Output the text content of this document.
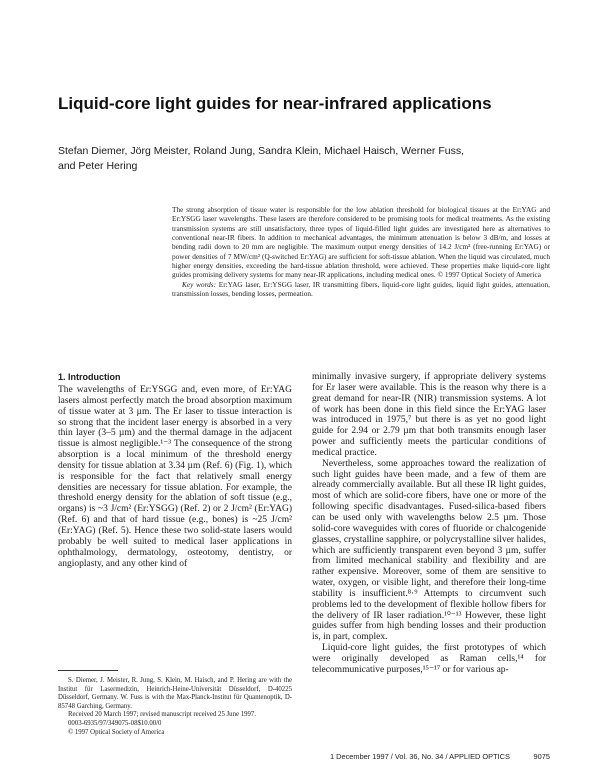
Liquid-core light guides for near-infrared applications
Stefan Diemer, Jörg Meister, Roland Jung, Sandra Klein, Michael Haisch, Werner Fuss, and Peter Hering

The strong absorption of tissue water is responsible for the low ablation threshold for biological tissues at the Er:YAG and Er:YSGG laser wavelengths. These lasers are therefore considered to be promising tools for medical treatments. As the existing transmission systems are still unsatisfactory, three types of liquid-filled light guides are investigated here as alternatives to conventional near-IR fibers. In addition to mechanical advantages, the minimum attenuation is below 3 dB/m, and losses at bending radii down to 20 mm are negligible. The maximum output energy densities of 14.2 J/cm² (free-running Er:YAG) or power densities of 7 MW/cm² (Q-switched Er:YAG) are sufficient for soft-tissue ablation. When the liquid was circulated, much higher energy densities, exceeding the hard-tissue ablation threshold, were achieved. These properties make liquid-core light guides promising delivery systems for many near-IR applications, including medical ones. © 1997 Optical Society of America

Key words: Er:YAG laser, Er:YSGG laser, IR transmitting fibers, liquid-core light guides, liquid light guides, attenuation, transmission losses, bending losses, permeation.

1. Introduction

The wavelengths of Er:YSGG and, even more, of Er:YAG lasers almost perfectly match the broad absorption maximum of tissue water at 3 µm. The Er laser to tissue interaction is so strong that the incident laser energy is absorbed in a very thin layer (3–5 µm) and the thermal damage in the adjacent tissue is almost negligible.¹⁻³ The consequence of the strong absorption is a local minimum of the threshold energy density for tissue ablation at 3.34 µm (Ref. 6) (Fig. 1), which is responsible for the fact that relatively small energy densities are necessary for tissue ablation. For example, the threshold energy density for the ablation of soft tissue (e.g., organs) is ~3 J/cm² (Er:YSGG) (Ref. 2) or 2 J/cm² (Er:YAG) (Ref. 6) and that of hard tissue (e.g., bones) is ~25 J/cm² (Er:YAG) (Ref. 5). Hence these two solid-state lasers would probably be well suited to medical laser applications in ophthalmology, dermatology, osteotomy, dentistry, or angioplasty, and any other kind of

minimally invasive surgery, if appropriate delivery systems for Er laser were available. This is the reason why there is a great demand for near-IR (NIR) transmission systems. A lot of work has been done in this field since the Er:YAG laser was introduced in 1975,⁷ but there is as yet no good light guide for 2.94 or 2.79 µm that both transmits enough laser power and sufficiently meets the particular conditions of medical practice.

Nevertheless, some approaches toward the realization of such light guides have been made, and a few of them are already commercially available. But all these IR light guides, most of which are solid-core fibers, have one or more of the following specific disadvantages. Fused-silica-based fibers can be used only with wavelengths below 2.5 µm. Those solid-core waveguides with cores of fluoride or chalcogenide glasses, crystalline sapphire, or polycrystalline silver halides, which are sufficiently transparent even beyond 3 µm, suffer from limited mechanical stability and flexibility and are rather expensive. Moreover, some of them are sensitive to water, oxygen, or visible light, and therefore their long-time stability is insufficient.⁸·⁹ Attempts to circumvent such problems led to the development of flexible hollow fibers for the delivery of IR laser radiation.¹⁰⁻¹³ However, these light guides suffer from high bending losses and their production is, in part, complex.

Liquid-core light guides, the first prototypes of which were originally developed as Raman cells,¹⁴ for telecommunicative purposes,¹⁵⁻¹⁷ or for various ap-

S. Diemer, J. Meister, R. Jung, S. Klein, M. Haisch, and P. Hering are with the Institut für Lasermedizin, Heinrich-Heine-Universität Düsseldorf, D-40225 Düsseldorf, Germany. W. Fuss is with the Max-Planck-Institut für Quantenoptik, D-85748 Garching, Germany.

Received 20 March 1997; revised manuscript received 25 June 1997.

0003-6935/97/349075-08$10.00/0

© 1997 Optical Society of America

1 December 1997 / Vol. 36, No. 34 / APPLIED OPTICS	9075
